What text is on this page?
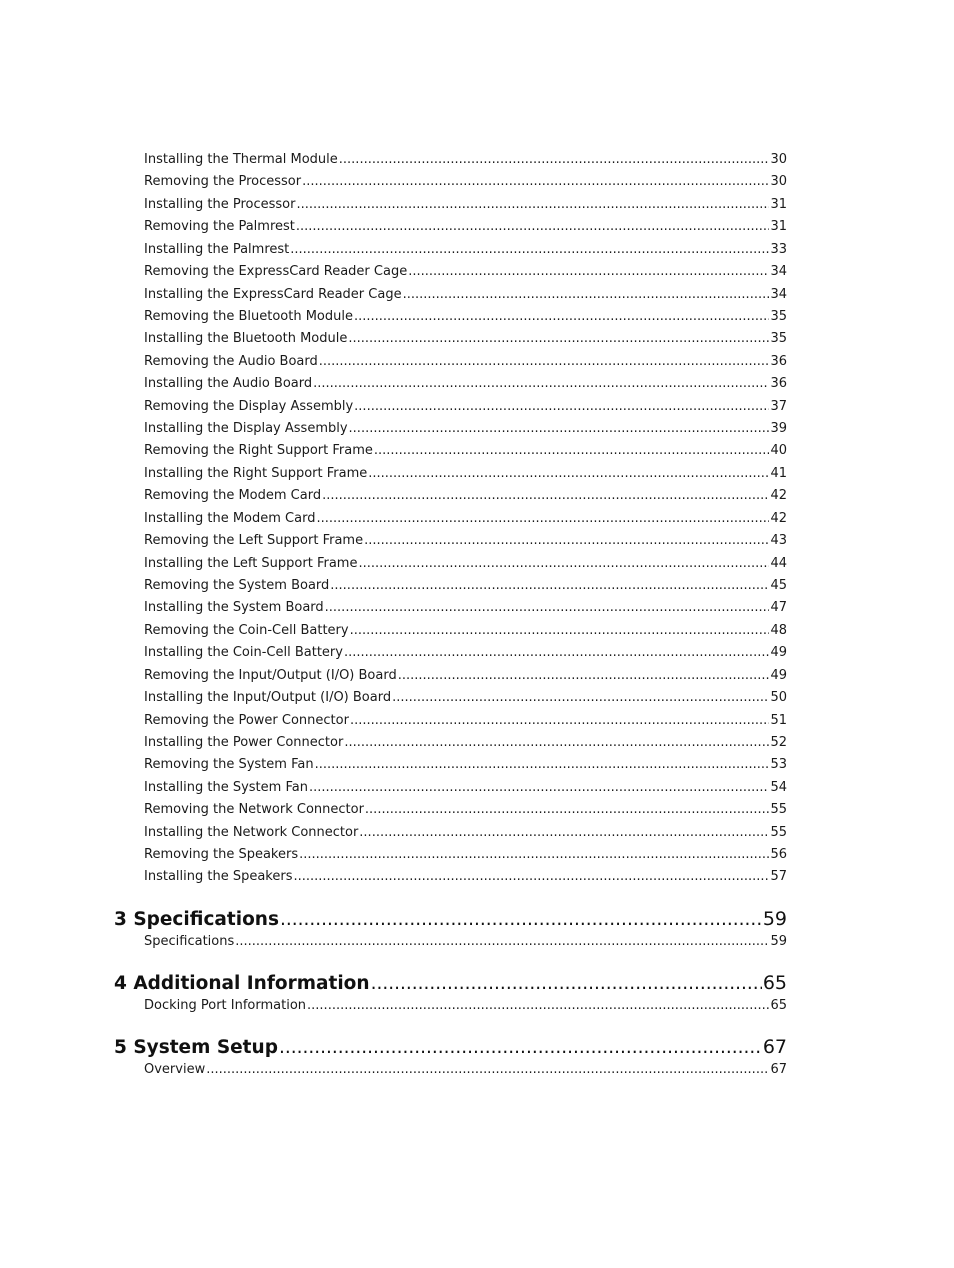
Installing the Thermal Module .....	30
Removing the Processor .....	30
Installing the Processor .....	31
Removing the Palmrest .....	31
Installing the Palmrest .....	33
Removing the ExpressCard Reader Cage .....	34
Installing the ExpressCard Reader Cage .....	34
Removing the Bluetooth Module .....	35
Installing the Bluetooth Module .....	35
Removing the Audio Board .....	36
Installing the Audio Board .....	36
Removing the Display Assembly .....	37
Installing the Display Assembly .....	39
Removing the Right Support Frame .....	40
Installing the Right Support Frame .....	41
Removing the Modem Card .....	42
Installing the Modem Card .....	42
Removing the Left Support Frame .....	43
Installing the Left Support Frame .....	44
Removing the System Board .....	45
Installing the System Board .....	47
Removing the Coin-Cell Battery .....	48
Installing the Coin-Cell Battery .....	49
Removing the Input/Output (I/O) Board .....	49
Installing the Input/Output (I/O) Board .....	50
Removing the Power Connector .....	51
Installing the Power Connector .....	52
Removing the System Fan .....	53
Installing the System Fan .....	54
Removing the Network Connector .....	55
Installing the Network Connector .....	55
Removing the Speakers .....	56
Installing the Speakers .....	57
3 Specifications .....	59
Specifications .....	59
4 Additional Information .....	65
Docking Port Information .....	65
5 System Setup .....	67
Overview .....	67
